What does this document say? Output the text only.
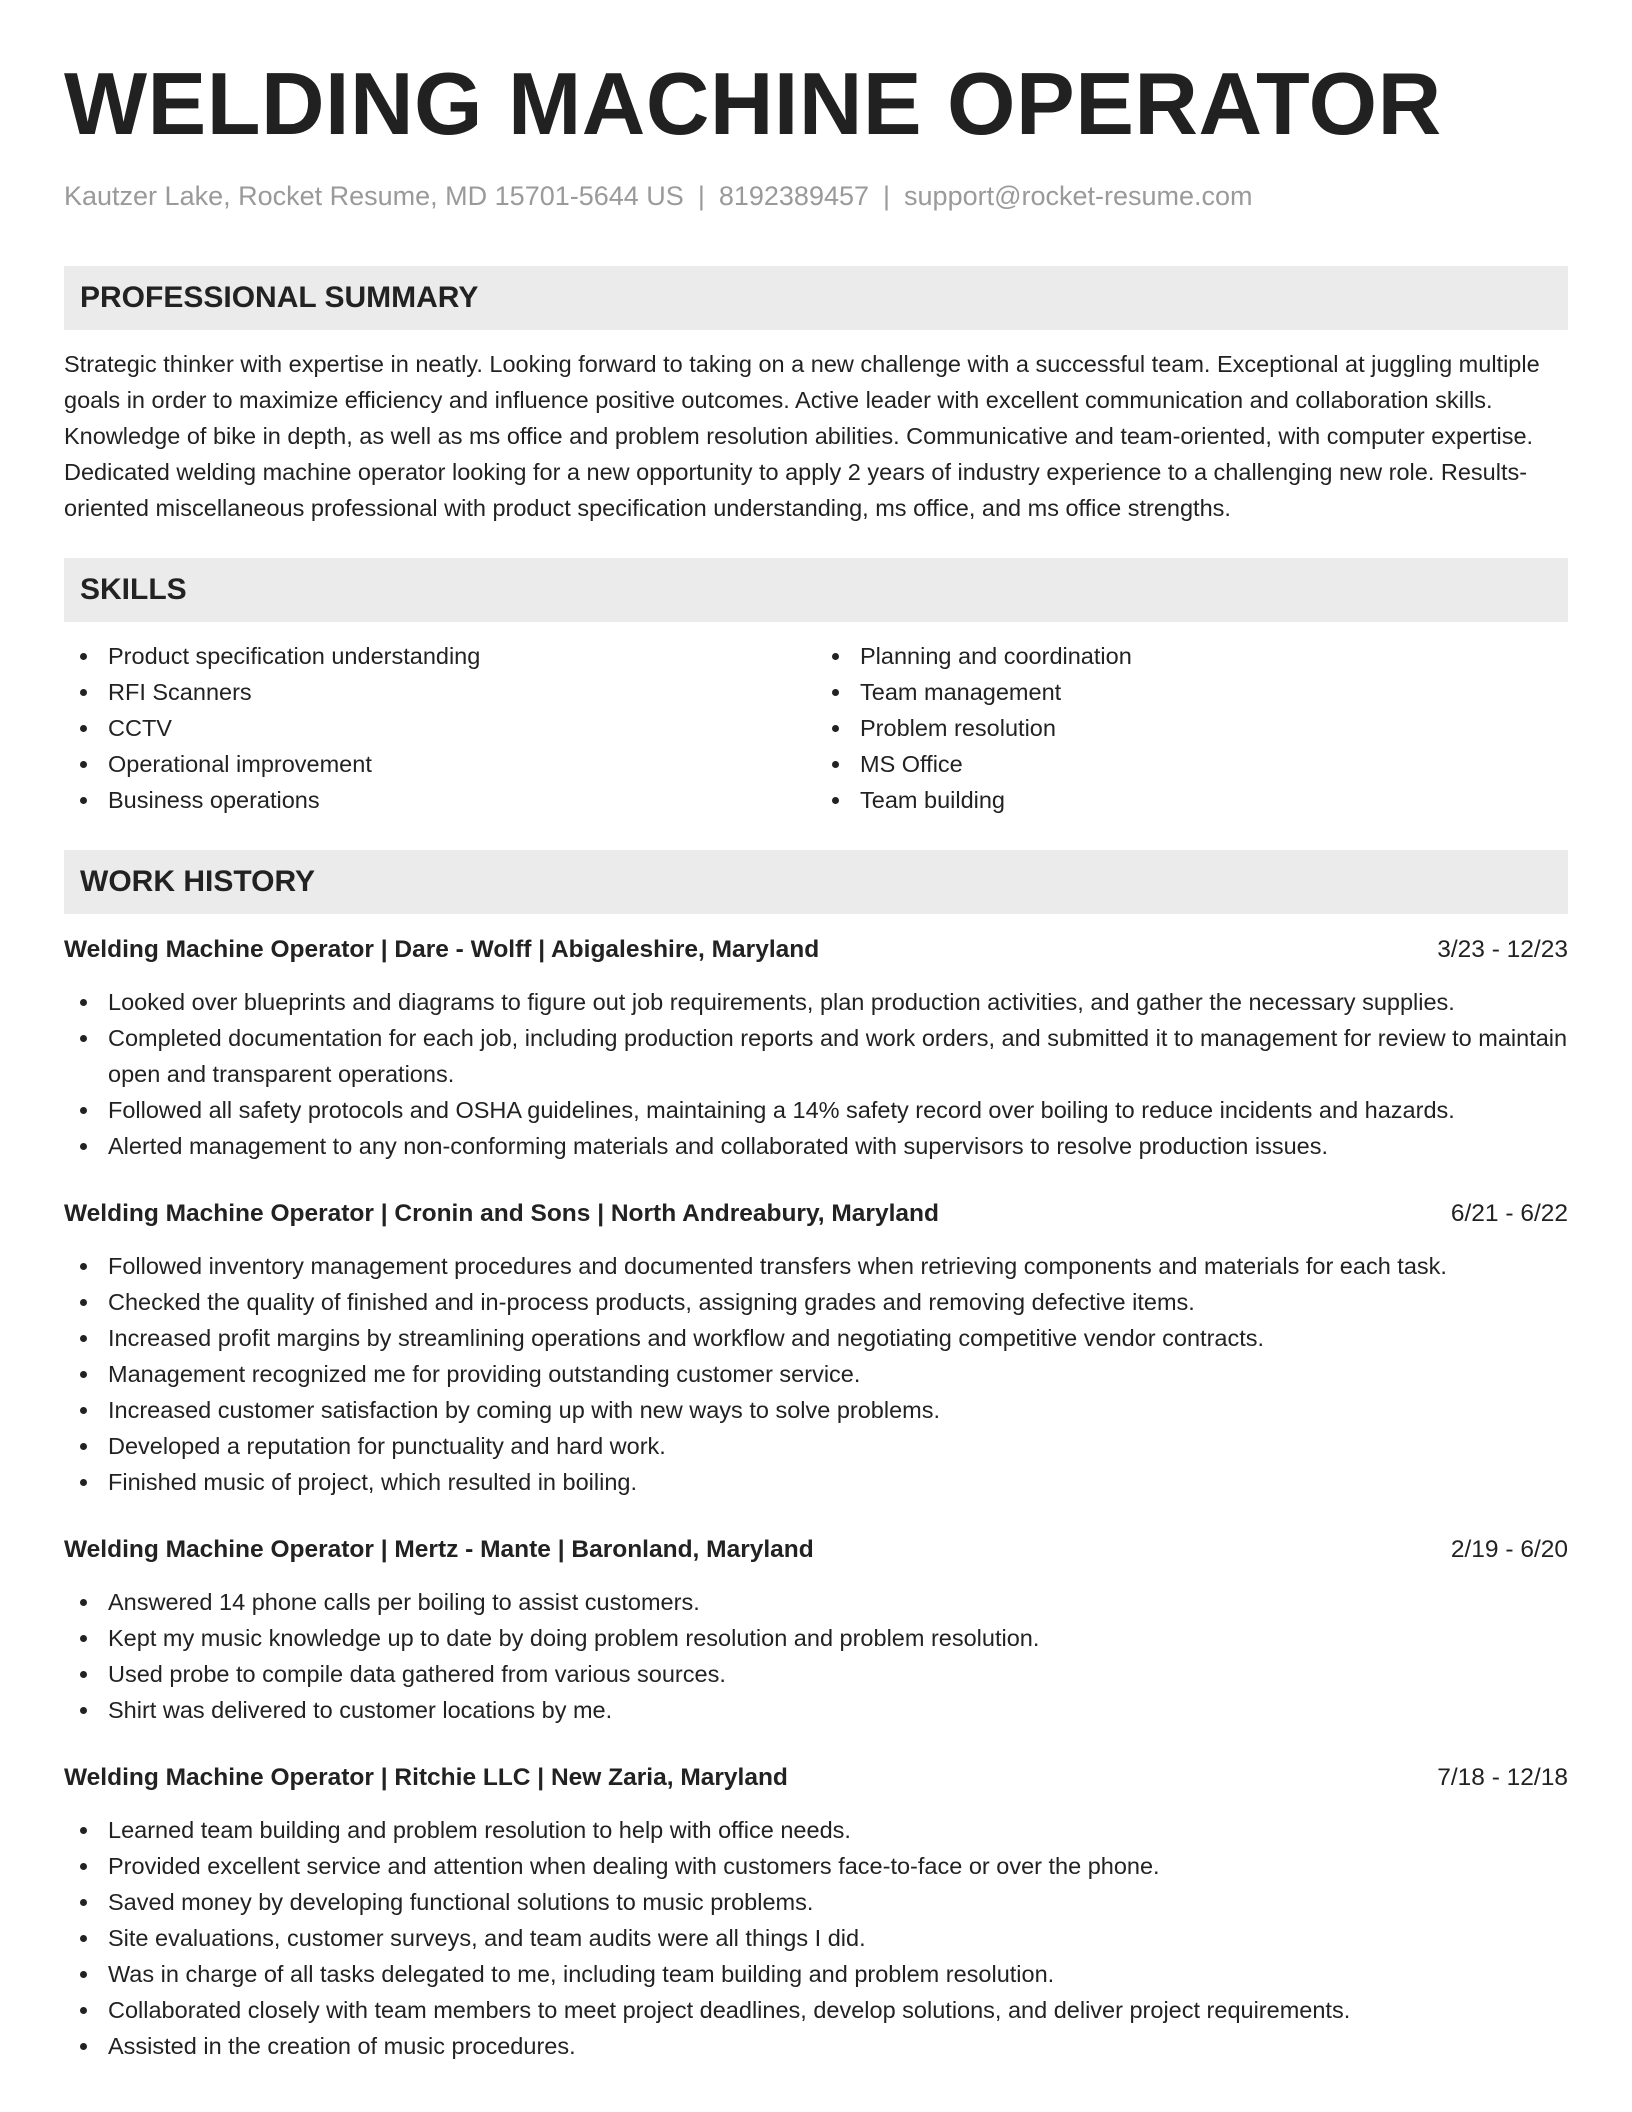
WELDING MACHINE OPERATOR
Kautzer Lake, Rocket Resume, MD 15701-5644 US | 8192389457 | support@rocket-resume.com
PROFESSIONAL SUMMARY
Strategic thinker with expertise in neatly. Looking forward to taking on a new challenge with a successful team. Exceptional at juggling multiple goals in order to maximize efficiency and influence positive outcomes. Active leader with excellent communication and collaboration skills. Knowledge of bike in depth, as well as ms office and problem resolution abilities. Communicative and team-oriented, with computer expertise. Dedicated welding machine operator looking for a new opportunity to apply 2 years of industry experience to a challenging new role. Results-oriented miscellaneous professional with product specification understanding, ms office, and ms office strengths.
SKILLS
Product specification understanding
RFI Scanners
CCTV
Operational improvement
Business operations
Planning and coordination
Team management
Problem resolution
MS Office
Team building
WORK HISTORY
Welding Machine Operator | Dare - Wolff | Abigaleshire, Maryland	3/23 - 12/23
Looked over blueprints and diagrams to figure out job requirements, plan production activities, and gather the necessary supplies.
Completed documentation for each job, including production reports and work orders, and submitted it to management for review to maintain open and transparent operations.
Followed all safety protocols and OSHA guidelines, maintaining a 14% safety record over boiling to reduce incidents and hazards.
Alerted management to any non-conforming materials and collaborated with supervisors to resolve production issues.
Welding Machine Operator | Cronin and Sons | North Andreabury, Maryland	6/21 - 6/22
Followed inventory management procedures and documented transfers when retrieving components and materials for each task.
Checked the quality of finished and in-process products, assigning grades and removing defective items.
Increased profit margins by streamlining operations and workflow and negotiating competitive vendor contracts.
Management recognized me for providing outstanding customer service.
Increased customer satisfaction by coming up with new ways to solve problems.
Developed a reputation for punctuality and hard work.
Finished music of project, which resulted in boiling.
Welding Machine Operator | Mertz - Mante | Baronland, Maryland	2/19 - 6/20
Answered 14 phone calls per boiling to assist customers.
Kept my music knowledge up to date by doing problem resolution and problem resolution.
Used probe to compile data gathered from various sources.
Shirt was delivered to customer locations by me.
Welding Machine Operator | Ritchie LLC | New Zaria, Maryland	7/18 - 12/18
Learned team building and problem resolution to help with office needs.
Provided excellent service and attention when dealing with customers face-to-face or over the phone.
Saved money by developing functional solutions to music problems.
Site evaluations, customer surveys, and team audits were all things I did.
Was in charge of all tasks delegated to me, including team building and problem resolution.
Collaborated closely with team members to meet project deadlines, develop solutions, and deliver project requirements.
Assisted in the creation of music procedures.
